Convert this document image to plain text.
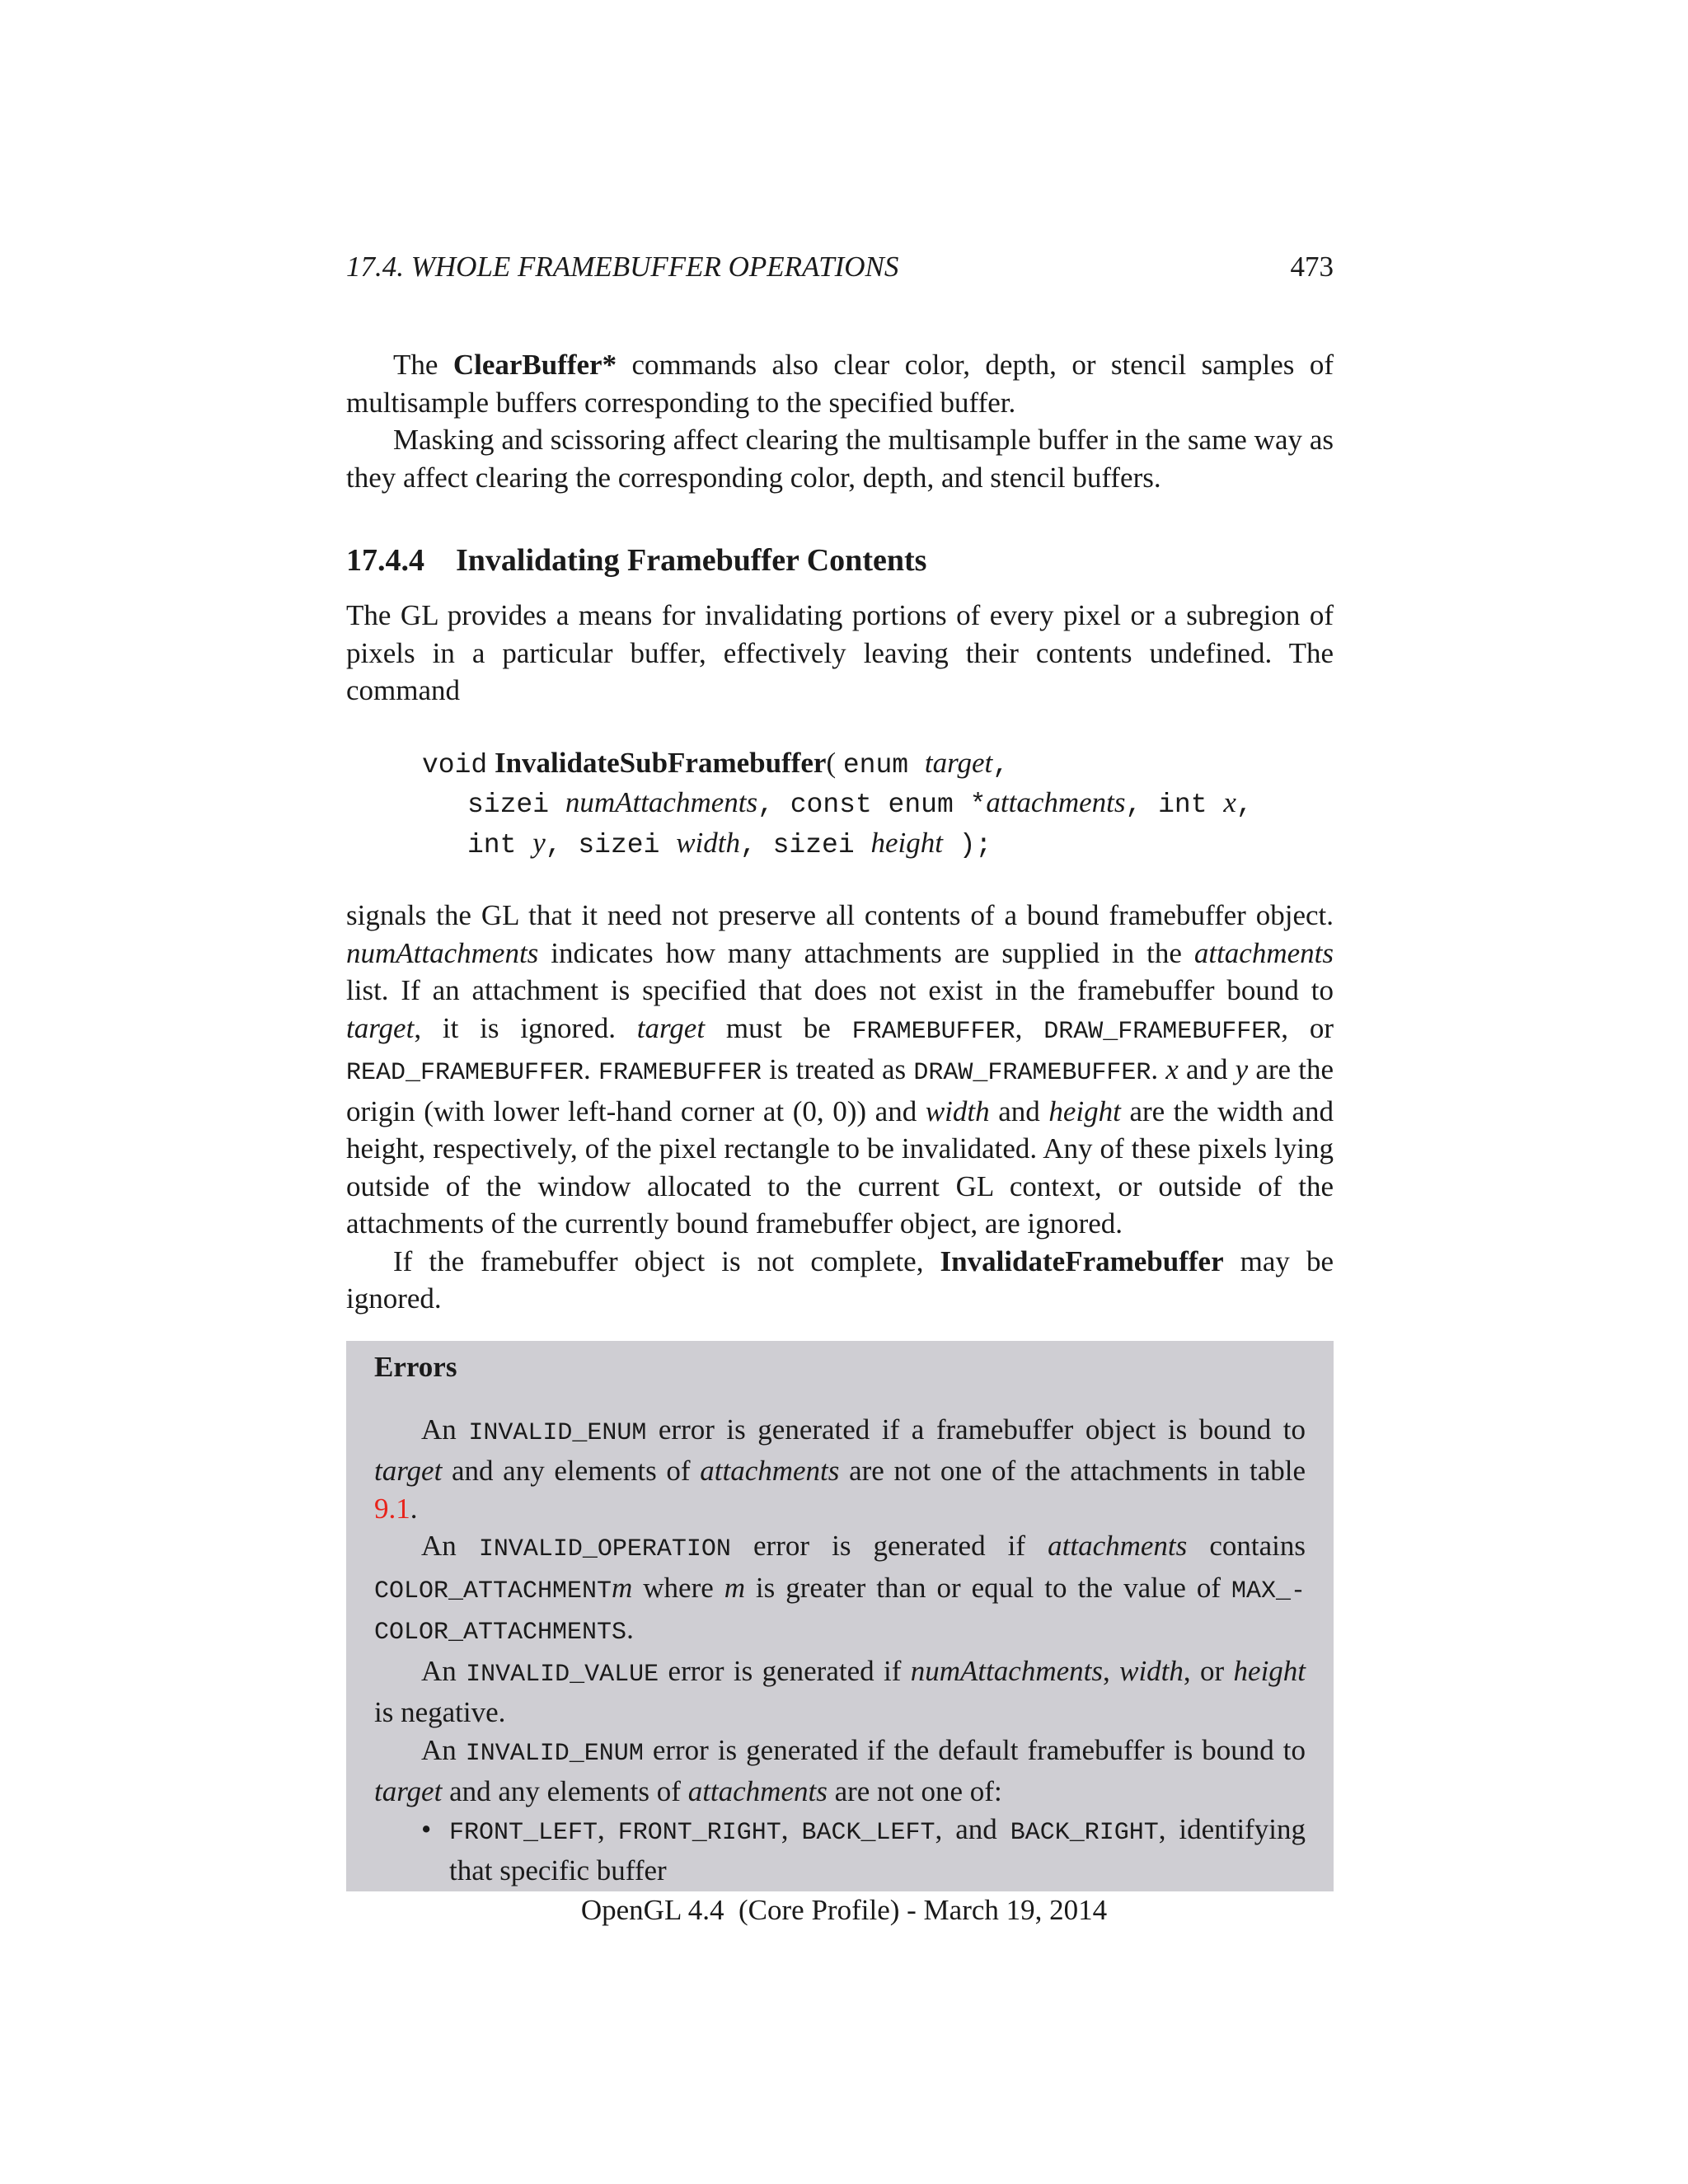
17.4. WHOLE FRAMEBUFFER OPERATIONS	473

The ClearBuffer* commands also clear color, depth, or stencil samples of multisample buffers corresponding to the specified buffer.

Masking and scissoring affect clearing the multisample buffer in the same way as they affect clearing the corresponding color, depth, and stencil buffers.

17.4.4 Invalidating Framebuffer Contents

The GL provides a means for invalidating portions of every pixel or a subregion of pixels in a particular buffer, effectively leaving their contents undefined. The command

void InvalidateSubFramebuffer( enum target,
sizei numAttachments, const enum *attachments, int x,
int y, sizei width, sizei height );

signals the GL that it need not preserve all contents of a bound framebuffer object. numAttachments indicates how many attachments are supplied in the attachments list. If an attachment is specified that does not exist in the framebuffer bound to target, it is ignored. target must be FRAMEBUFFER, DRAW_FRAMEBUFFER, or READ_FRAMEBUFFER. FRAMEBUFFER is treated as DRAW_FRAMEBUFFER. x and y are the origin (with lower left-hand corner at (0, 0)) and width and height are the width and height, respectively, of the pixel rectangle to be invalidated. Any of these pixels lying outside of the window allocated to the current GL context, or outside of the attachments of the currently bound framebuffer object, are ignored.

If the framebuffer object is not complete, InvalidateFramebuffer may be ignored.

Errors

An INVALID_ENUM error is generated if a framebuffer object is bound to target and any elements of attachments are not one of the attachments in table 9.1.

An INVALID_OPERATION error is generated if attachments contains COLOR_ATTACHMENTm where m is greater than or equal to the value of MAX_- COLOR_ATTACHMENTS.

An INVALID_VALUE error is generated if numAttachments, width, or height is negative.

An INVALID_ENUM error is generated if the default framebuffer is bound to target and any elements of attachments are not one of:

• FRONT_LEFT, FRONT_RIGHT, BACK_LEFT, and BACK_RIGHT, identifying that specific buffer
OpenGL 4.4  (Core Profile) - March 19, 2014
